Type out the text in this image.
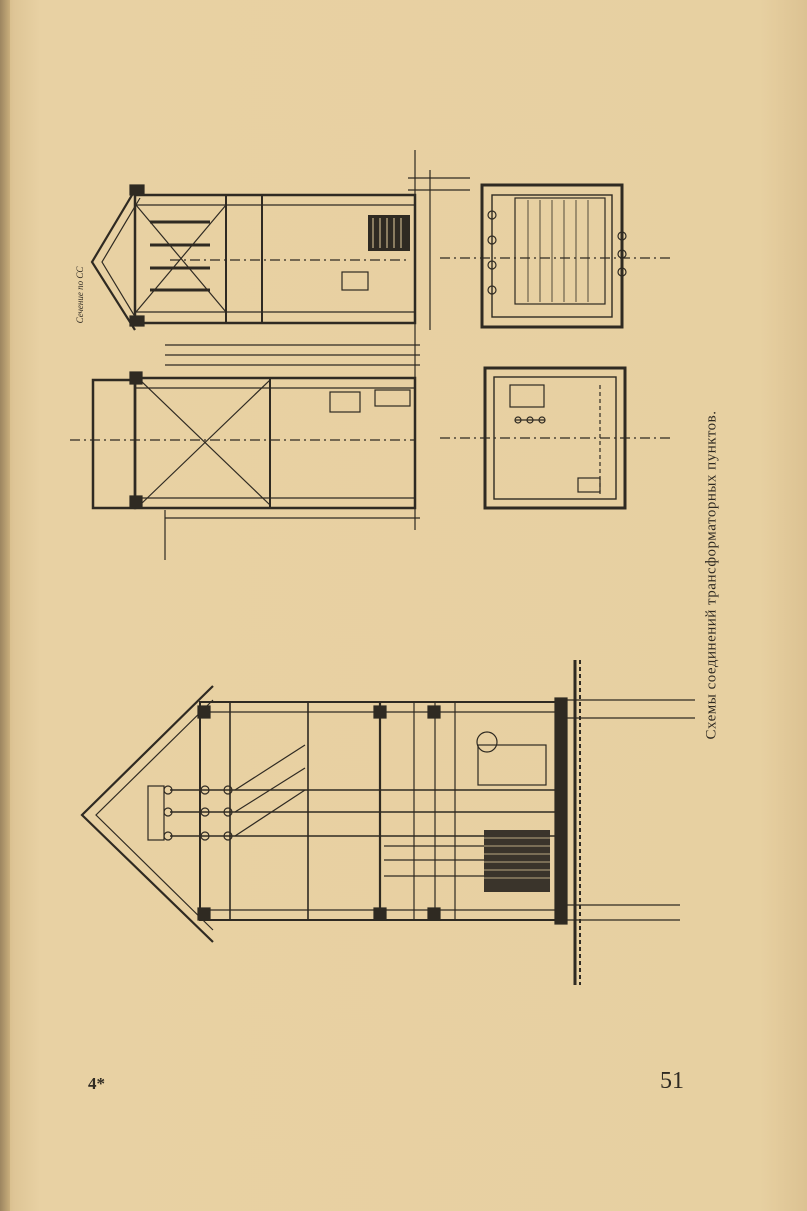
Сечение по СС
Схемы соединений трансформаторных пунктов.
4*	51
